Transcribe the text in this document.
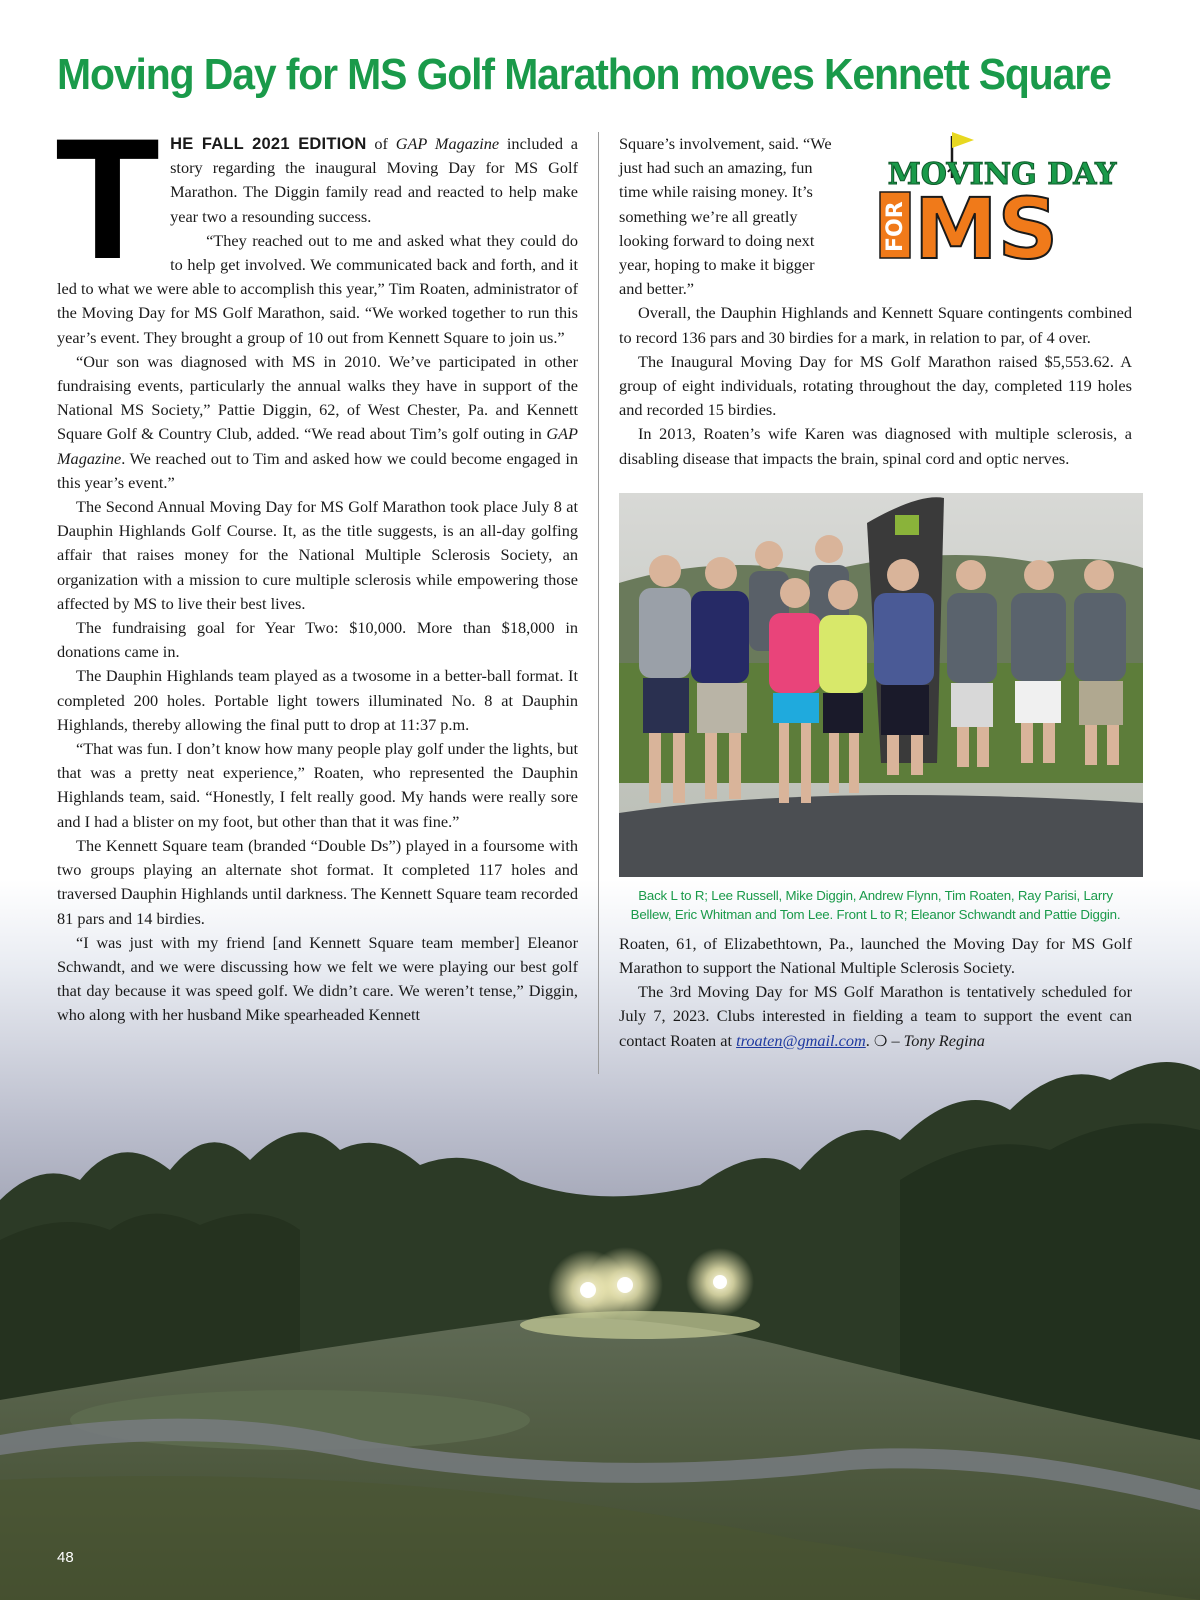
Moving Day for MS Golf Marathon moves Kennett Square

THE FALL 2021 EDITION of GAP Magazine included a story regarding the inaugural Moving Day for MS Golf Marathon. The Diggin family read and reacted to help make year two a resounding success.

“They reached out to me and asked what they could do to help get involved. We communicated back and forth, and it led to what we were able to accomplish this year,” Tim Roaten, administrator of the Moving Day for MS Golf Marathon, said. “We worked together to run this year’s event. They brought a group of 10 out from Kennett Square to join us.”

“Our son was diagnosed with MS in 2010. We’ve participated in other fundraising events, particularly the annual walks they have in support of the National MS Society,” Pattie Diggin, 62, of West Chester, Pa. and Kennett Square Golf & Country Club, added. “We read about Tim’s golf outing in GAP Magazine. We reached out to Tim and asked how we could become engaged in this year’s event.”

The Second Annual Moving Day for MS Golf Marathon took place July 8 at Dauphin Highlands Golf Course. It, as the title suggests, is an all-day golfing affair that raises money for the National Multiple Sclerosis Society, an organization with a mission to cure multiple sclerosis while empowering those affected by MS to live their best lives.

The fundraising goal for Year Two: $10,000. More than $18,000 in donations came in.

The Dauphin Highlands team played as a twosome in a better-ball format. It completed 200 holes. Portable light towers illuminated No. 8 at Dauphin Highlands, thereby allowing the final putt to drop at 11:37 p.m.

“That was fun. I don’t know how many people play golf under the lights, but that was a pretty neat experience,” Roaten, who represented the Dauphin Highlands team, said. “Honestly, I felt really good. My hands were really sore and I had a blister on my foot, but other than that it was fine.”

The Kennett Square team (branded “Double Ds”) played in a foursome with two groups playing an alternate shot format. It completed 117 holes and traversed Dauphin Highlands until darkness. The Kennett Square team recorded 81 pars and 14 birdies.

“I was just with my friend [and Kennett Square team member] Eleanor Schwandt, and we were discussing how we felt we were playing our best golf that day because it was speed golf. We didn’t care. We weren’t tense,” Diggin, who along with her husband Mike spearheaded Kennett

MOVING DAY
FOR MS

Square’s involvement, said. “We just had such an amazing, fun time while raising money. It’s something we’re all greatly looking forward to doing next year, hoping to make it bigger and better.”

Overall, the Dauphin Highlands and Kennett Square contingents combined to record 136 pars and 30 birdies for a mark, in relation to par, of 4 over.

The Inaugural Moving Day for MS Golf Marathon raised $5,553.62. A group of eight individuals, rotating throughout the day, completed 119 holes and recorded 15 birdies.

In 2013, Roaten’s wife Karen was diagnosed with multiple sclerosis, a disabling disease that impacts the brain, spinal cord and optic nerves.

Back L to R; Lee Russell, Mike Diggin, Andrew Flynn, Tim Roaten, Ray Parisi, Larry Bellew, Eric Whitman and Tom Lee. Front L to R; Eleanor Schwandt and Pattie Diggin.

Roaten, 61, of Elizabethtown, Pa., launched the Moving Day for MS Golf Marathon to support the National Multiple Sclerosis Society.

The 3rd Moving Day for MS Golf Marathon is tentatively scheduled for July 7, 2023. Clubs interested in fielding a team to support the event can contact Roaten at troaten@gmail.com. ❍ – Tony Regina

48
